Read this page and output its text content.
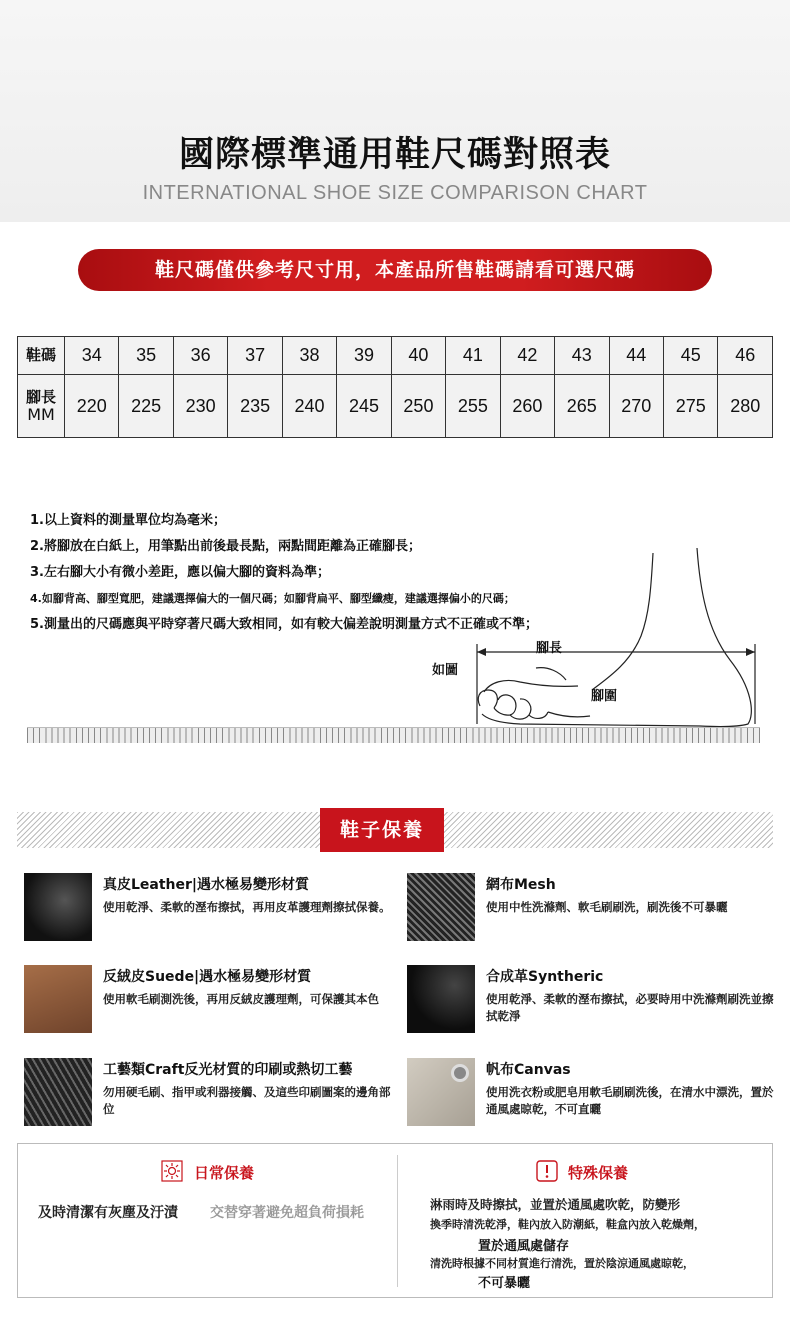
國際標準通用鞋尺碼對照表
INTERNATIONAL SHOE SIZE COMPARISON CHART
鞋尺碼僅供參考尺寸用，本產品所售鞋碼請看可選尺碼
鞋碼	34	35	36	37	38	39	40	41	42	43	44	45	46
腳長
MM	220	225	230	235	240	245	250	255	260	265	270	275	280
1.以上資料的測量單位均為毫米；
2.將腳放在白紙上，用筆點出前後最長點，兩點間距離為正確腳長；
3.左右腳大小有微小差距，應以偏大腳的資料為準；
4.如腳背高、腳型寬肥，建議選擇偏大的一個尺碼；如腳背扁平、腳型纖瘦，建議選擇偏小的尺碼；
5.測量出的尺碼應與平時穿著尺碼大致相同，如有較大偏差說明測量方式不正確或不準；
腳長
如圖
腳圍
鞋子保養
真皮Leather|遇水極易變形材質
使用乾淨、柔軟的溼布擦拭，再用皮革護理劑擦拭保養。
網布Mesh
使用中性洗滌劑、軟毛刷刷洗，刷洗後不可暴曬
反絨皮Suede|遇水極易變形材質
使用軟毛刷測洗後，再用反絨皮護理劑，可保護其本色
合成革Syntheric
使用乾淨、柔軟的溼布擦拭，必要時用中洗滌劑刷洗並擦拭乾淨
工藝類Craft反光材質的印刷或熱切工藝
勿用硬毛刷、指甲或利器接觸、及這些印刷圖案的邊角部位
帆布Canvas
使用洗衣粉或肥皂用軟毛刷刷洗後，在清水中漂洗，置於通風處晾乾，不可直曬
日常保養
及時清潔有灰塵及汙漬 交替穿著避免超負荷損耗
特殊保養
淋雨時及時擦拭，並置於通風處吹乾，防變形
換季時清洗乾淨，鞋內放入防潮紙，鞋盒內放入乾燥劑，
置於通風處儲存
清洗時根據不同材質進行清洗，置於陰涼通風處晾乾，
不可暴曬
